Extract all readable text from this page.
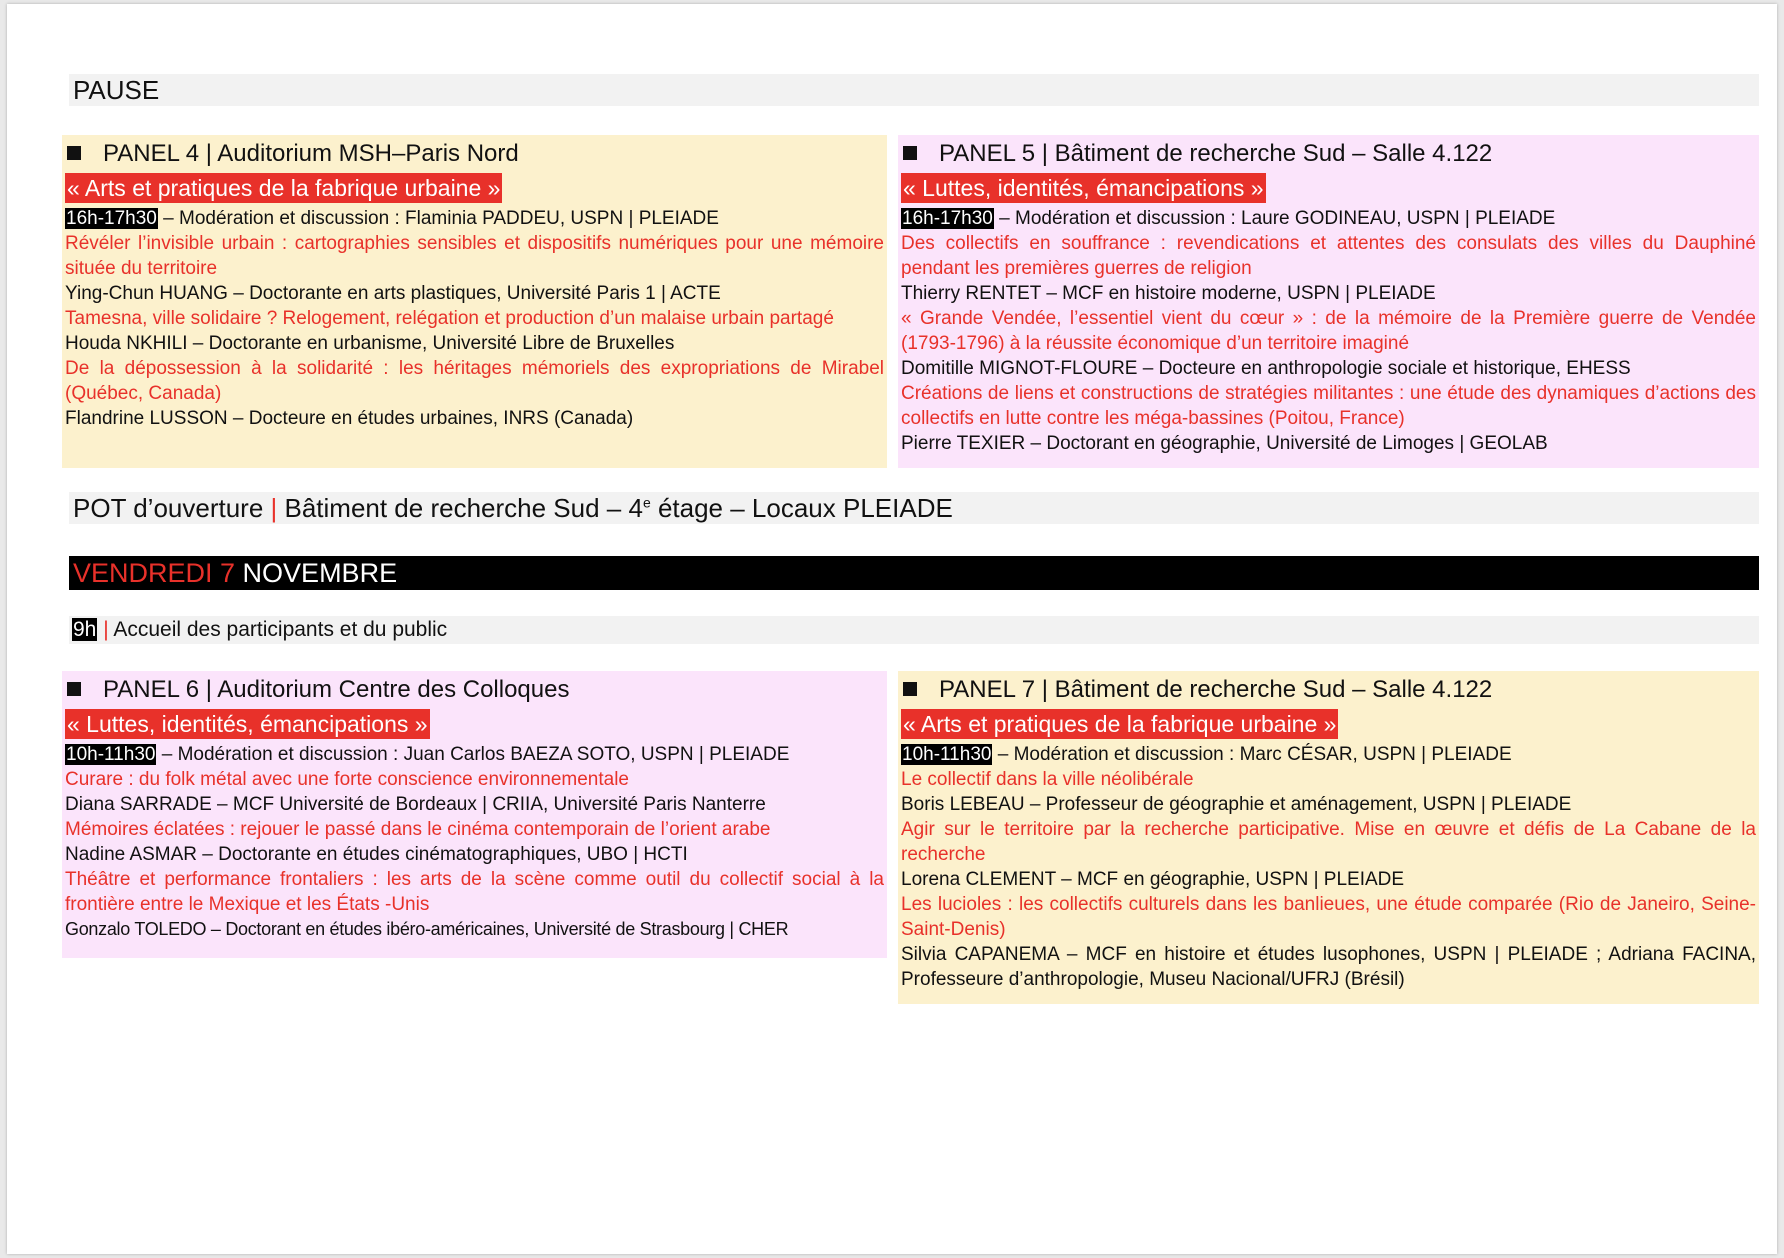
PAUSE
PANEL 4 | Auditorium MSH–Paris Nord
« Arts et pratiques de la fabrique urbaine »
16h-17h30 – Modération et discussion : Flaminia PADDEU, USPN | PLEIADE
Révéler l’invisible urbain : cartographies sensibles et dispositifs numériques pour une mémoire située du territoire
Ying-Chun HUANG – Doctorante en arts plastiques, Université Paris 1 | ACTE
Tamesna, ville solidaire ? Relogement, relégation et production d’un malaise urbain partagé
Houda NKHILI – Doctorante en urbanisme, Université Libre de Bruxelles
De la dépossession à la solidarité : les héritages mémoriels des expropriations de Mirabel (Québec, Canada)
Flandrine LUSSON – Docteure en études urbaines, INRS (Canada)
PANEL 5 | Bâtiment de recherche Sud – Salle 4.122
« Luttes, identités, émancipations »
16h-17h30 – Modération et discussion : Laure GODINEAU, USPN | PLEIADE
Des collectifs en souffrance : revendications et attentes des consulats des villes du Dauphiné pendant les premières guerres de religion
Thierry RENTET – MCF en histoire moderne, USPN | PLEIADE
« Grande Vendée, l’essentiel vient du cœur » : de la mémoire de la Première guerre de Vendée (1793-1796) à la réussite économique d’un territoire imaginé
Domitille MIGNOT-FLOURE – Docteure en anthropologie sociale et historique, EHESS
Créations de liens et constructions de stratégies militantes : une étude des dynamiques d’actions des collectifs en lutte contre les méga-bassines (Poitou, France)
Pierre TEXIER – Doctorant en géographie, Université de Limoges | GEOLAB
POT d’ouverture | Bâtiment de recherche Sud – 4e étage – Locaux PLEIADE
VENDREDI 7 NOVEMBRE
9h | Accueil des participants et du public
PANEL 6 | Auditorium Centre des Colloques
« Luttes, identités, émancipations »
10h-11h30 – Modération et discussion : Juan Carlos BAEZA SOTO, USPN | PLEIADE
Curare : du folk métal avec une forte conscience environnementale
Diana SARRADE – MCF Université de Bordeaux | CRIIA, Université Paris Nanterre
Mémoires éclatées : rejouer le passé dans le cinéma contemporain de l’orient arabe
Nadine ASMAR – Doctorante en études cinématographiques, UBO | HCTI
Théâtre et performance frontaliers : les arts de la scène comme outil du collectif social à la frontière entre le Mexique et les États -Unis
Gonzalo TOLEDO – Doctorant en études ibéro-américaines, Université de Strasbourg | CHER
PANEL 7 | Bâtiment de recherche Sud – Salle 4.122
« Arts et pratiques de la fabrique urbaine »
10h-11h30 – Modération et discussion : Marc CÉSAR, USPN | PLEIADE
Le collectif dans la ville néolibérale
Boris LEBEAU – Professeur de géographie et aménagement, USPN | PLEIADE
Agir sur le territoire par la recherche participative. Mise en œuvre et défis de La Cabane de la recherche
Lorena CLEMENT – MCF en géographie, USPN | PLEIADE
Les lucioles : les collectifs culturels dans les banlieues, une étude comparée (Rio de Janeiro, Seine-Saint-Denis)
Silvia CAPANEMA – MCF en histoire et études lusophones, USPN | PLEIADE ; Adriana FACINA, Professeure d’anthropologie, Museu Nacional/UFRJ (Brésil)
